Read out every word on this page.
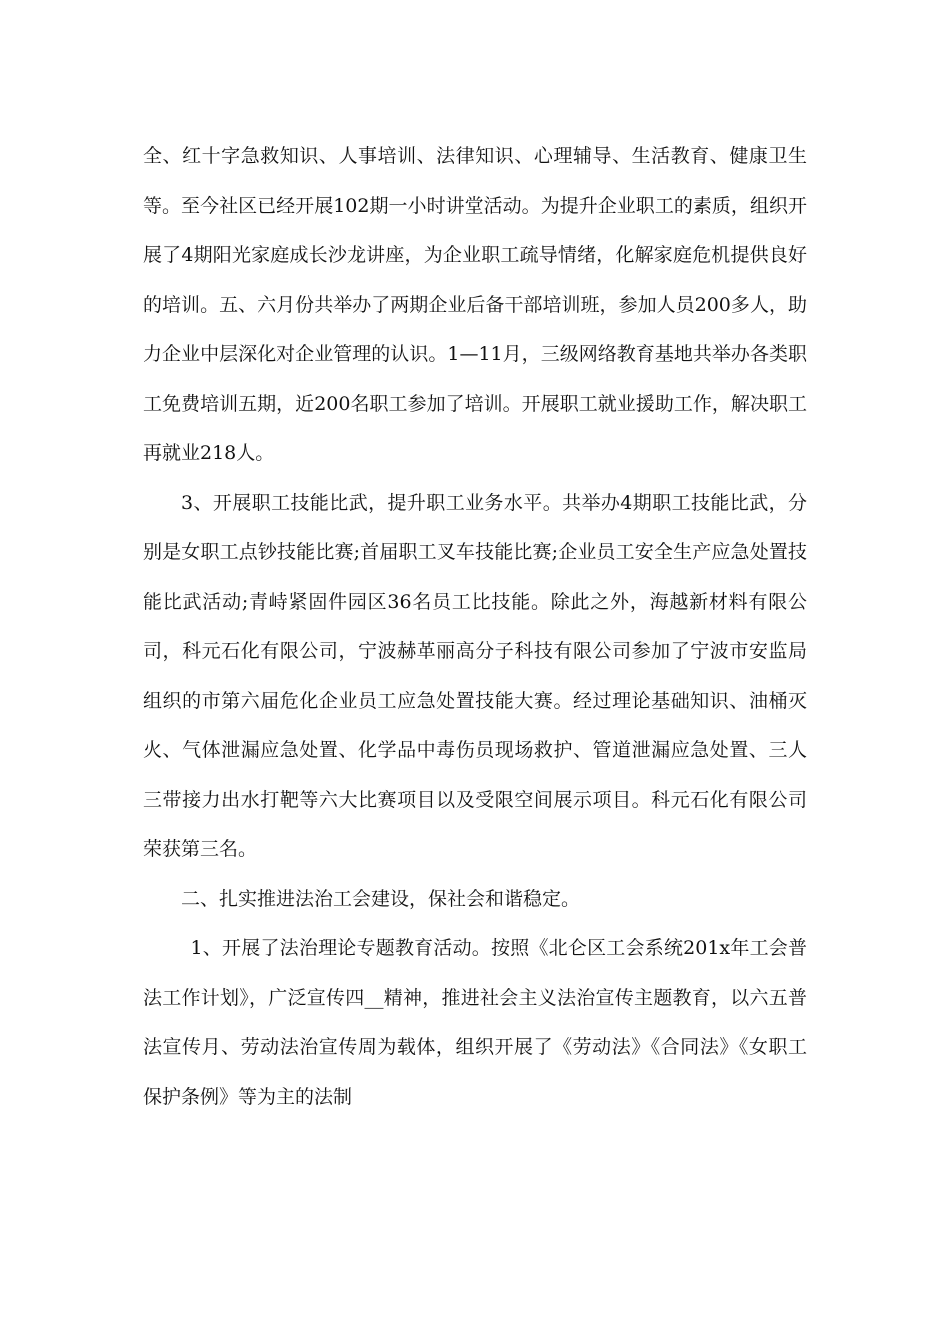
全、红十字急救知识、人事培训、法律知识、心理辅导、生活教育、健康卫生等。至今社区已经开展102期一小时讲堂活动。为提升企业职工的素质，组织开展了4期阳光家庭成长沙龙讲座，为企业职工疏导情绪，化解家庭危机提供良好的培训。五、六月份共举办了两期企业后备干部培训班，参加人员200多人，助力企业中层深化对企业管理的认识。1—11月，三级网络教育基地共举办各类职工免费培训五期，近200名职工参加了培训。开展职工就业援助工作，解决职工再就业218人。

3、开展职工技能比武，提升职工业务水平。共举办4期职工技能比武，分别是女职工点钞技能比赛;首届职工叉车技能比赛;企业员工安全生产应急处置技能比武活动;青峙紧固件园区36名员工比技能。除此之外，海越新材料有限公司，科元石化有限公司，宁波赫革丽高分子科技有限公司参加了宁波市安监局组织的市第六届危化企业员工应急处置技能大赛。经过理论基础知识、油桶灭火、气体泄漏应急处置、化学品中毒伤员现场救护、管道泄漏应急处置、三人三带接力出水打靶等六大比赛项目以及受限空间展示项目。科元石化有限公司荣获第三名。

二、扎实推进法治工会建设，保社会和谐稳定。

1、开展了法治理论专题教育活动。按照《北仑区工会系统201x年工会普法工作计划》，广泛宣传四__精神，推进社会主义法治宣传主题教育，以六五普法宣传月、劳动法治宣传周为载体，组织开展了《劳动法》《合同法》《女职工保护条例》等为主的法制
